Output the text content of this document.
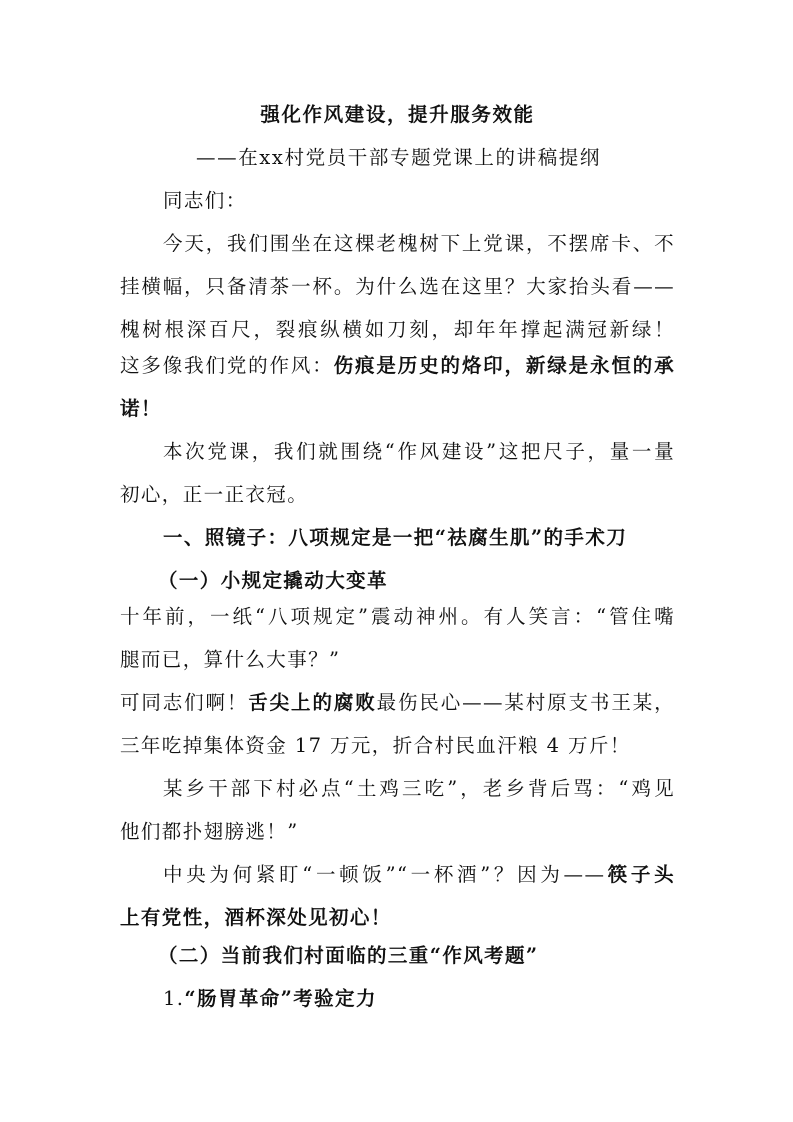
强化作风建设，提升服务效能
——在xx村党员干部专题党课上的讲稿提纲
同志们：
今天，我们围坐在这棵老槐树下上党课，不摆席卡、不
挂横幅，只备清茶一杯。为什么选在这里？大家抬头看——
槐树根深百尺，裂痕纵横如刀刻，却年年撑起满冠新绿！
这多像我们党的作风：伤痕是历史的烙印，新绿是永恒的承
诺！
本次党课，我们就围绕“作风建设”这把尺子，量一量
初心，正一正衣冠。
一、照镜子：八项规定是一把“祛腐生肌”的手术刀
（一）小规定撬动大变革
十年前，一纸“八项规定”震动神州。有人笑言：“管住嘴
腿而已，算什么大事？”
可同志们啊！舌尖上的腐败最伤民心——某村原支书王某，
三年吃掉集体资金 17 万元，折合村民血汗粮 4 万斤！
某乡干部下村必点“土鸡三吃”，老乡背后骂：“鸡见
他们都扑翅膀逃！”
中央为何紧盯“一顿饭”“一杯酒”？因为——筷子头
上有党性，酒杯深处见初心！
（二）当前我们村面临的三重“作风考题”
1.“肠胃革命”考验定力
